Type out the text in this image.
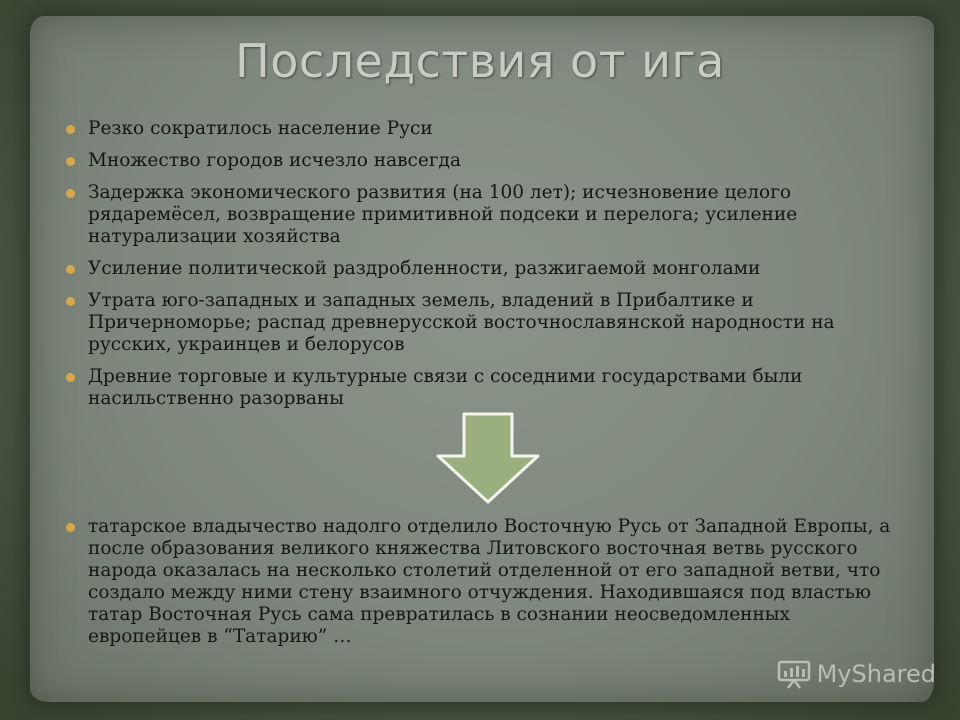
Последствия от ига
Резко сократилось население Руси
Множество городов исчезло навсегда
Задержка экономического развития (на 100 лет); исчезновение целого рядаремёсел, возвращение примитивной подсеки и перелога; усиление натурализации хозяйства
Усиление политической раздробленности, разжигаемой монголами
Утрата юго-западных и западных земель, владений в Прибалтике и Причерноморье; распад древнерусской восточнославянской народности на русских, украинцев и белорусов
Древние торговые и культурные связи с соседними государствами были насильственно разорваны
татарское владычество надолго отделило Восточную Русь от Западной Европы, а после образования великого княжества Литовского восточная ветвь русского народа оказалась на несколько столетий отделенной от его западной ветви, что создало между ними стену взаимного отчуждения. Находившаяся под властью татар Восточная Русь сама превратилась в сознании неосведомленных европейцев в “Татарию” …
MyShared
